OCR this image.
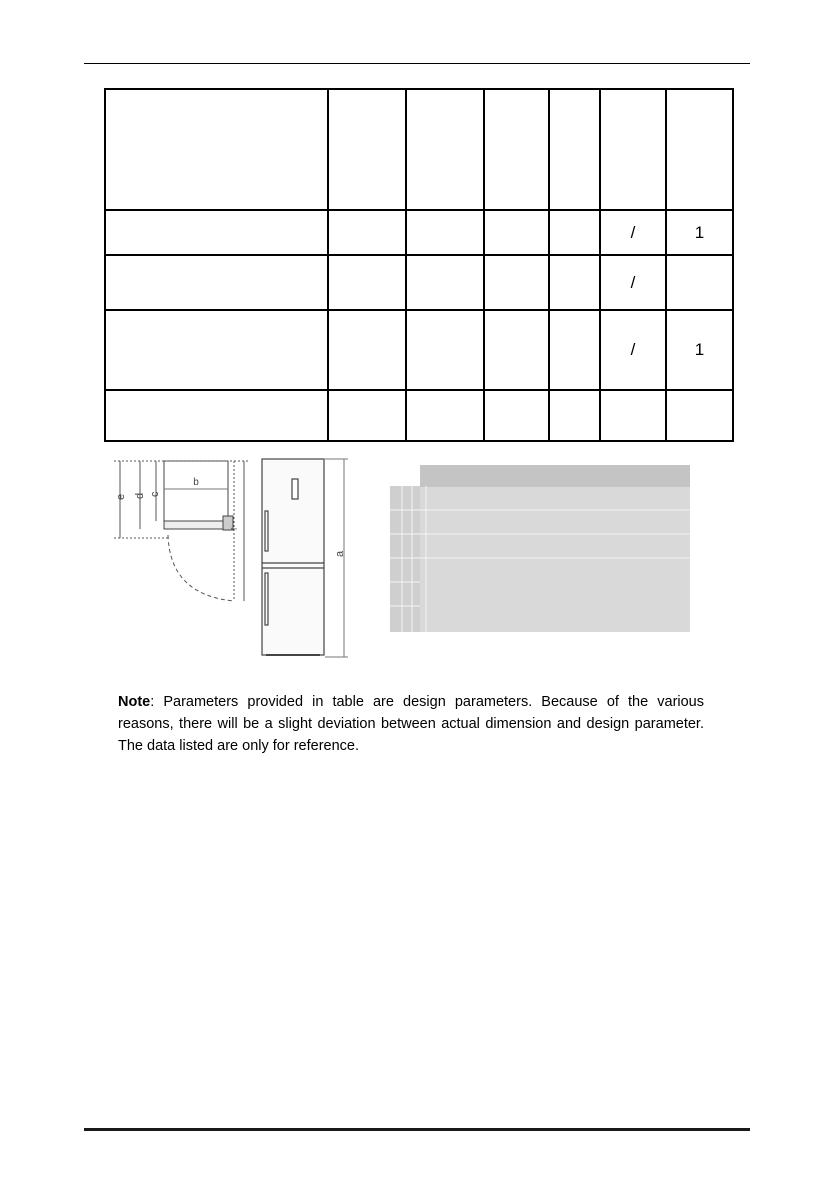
					/	1

					/	

					/	1

b
e d c
f
a

Note: Parameters provided in table are design parameters. Because of the various reasons, there will be a slight deviation between actual dimension and design parameter. The data listed are only for reference.
